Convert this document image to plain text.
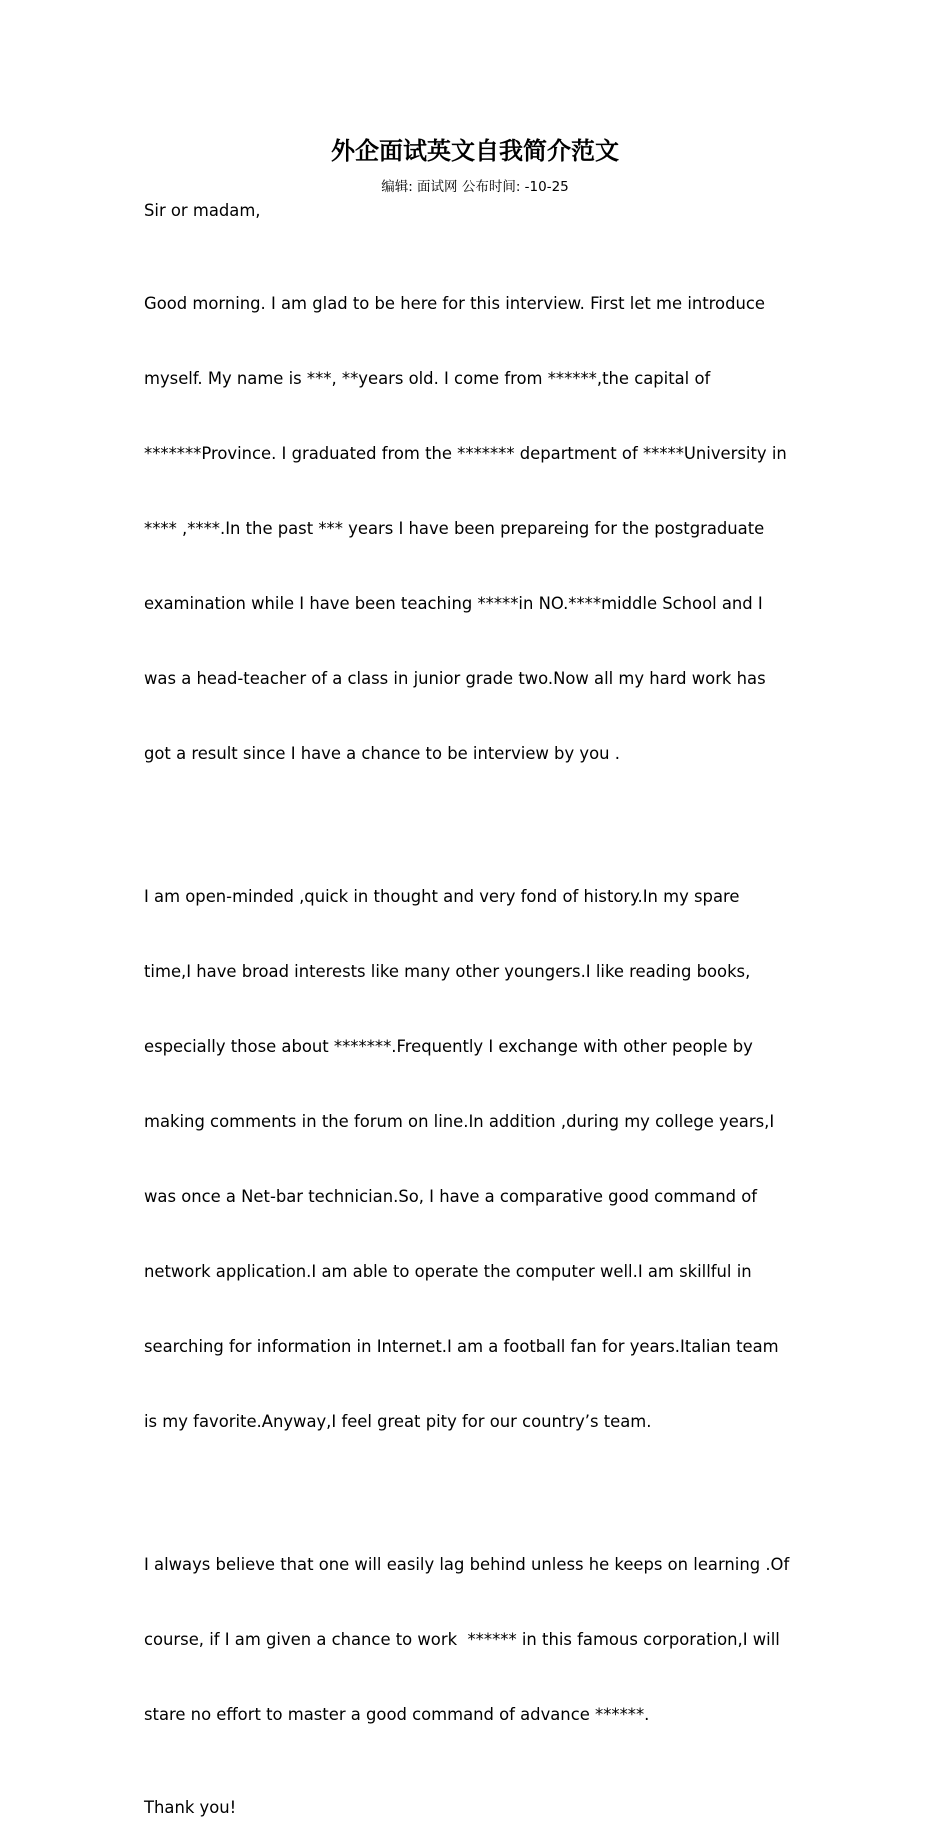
外企面试英文自我简介范文
编辑: 面试网 公布时间: -10-25

Sir or madam,

Good morning. I am glad to be here for this interview. First let me introduce

myself. My name is ***, **years old. I come from ******,the capital of

*******Province. I graduated from the ******* department of *****University in

**** ,****.In the past *** years I have been prepareing for the postgraduate

examination while I have been teaching *****in NO.****middle School and I

was a head-teacher of a class in junior grade two.Now all my hard work has

got a result since I have a chance to be interview by you .

I am open-minded ,quick in thought and very fond of history.In my spare

time,I have broad interests like many other youngers.I like reading books,

especially those about *******.Frequently I exchange with other people by

making comments in the forum on line.In addition ,during my college years,I

was once a Net-bar technician.So, I have a comparative good command of

network application.I am able to operate the computer well.I am skillful in

searching for information in Internet.I am a football fan for years.Italian team

is my favorite.Anyway,I feel great pity for our country’s team.

I always believe that one will easily lag behind unless he keeps on learning .Of

course, if I am given a chance to work  ****** in this famous corporation,I will

stare no effort to master a good command of advance ******.

Thank you!
